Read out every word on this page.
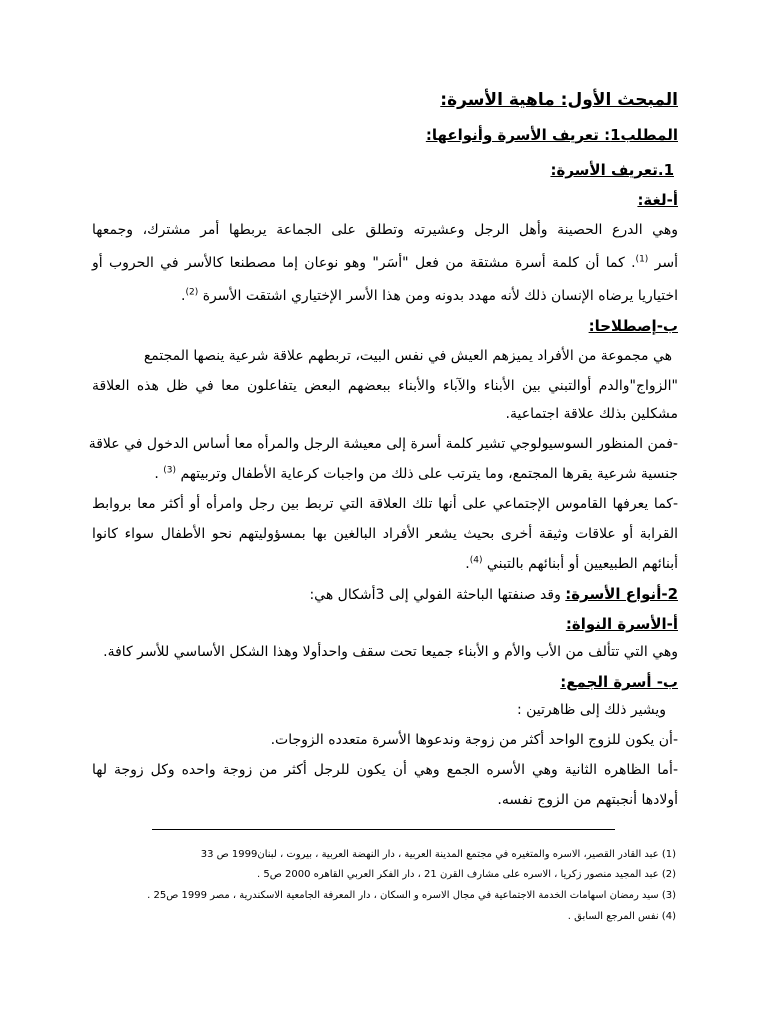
المبحث الأول: ماهية الأسرة:
المطلب1: تعريف الأسرة وأنواعها:
1.تعريف الأسرة:
أ-لغة:
وهي الدرع الحصينة وأهل الرجل وعشيرته وتطلق على الجماعة يربطها أمر مشترك، وجمعها
أسر $^{(1)}$. كما أن كلمة أسرة مشتقة من فعل "أسَر" وهو نوعان إما مصطنعا كالأسر في الحروب أو
اختياريا يرضاه الإنسان ذلك لأنه مهدد بدونه ومن هذا الأسر الإختياري اشتقت الأسرة $^{(2)}$.
ب-إصطلاحا:
هي مجموعة من الأفراد يميزهم العيش في نفس البيت، تربطهم علاقة شرعية ينصها المجتمع
"الزواج"والدم أوالتبني بين الأبناء والآباء والأبناء ببعضهم البعض يتفاعلون معا في ظل هذه العلاقة
مشكلين بذلك علاقة اجتماعية.
-فمن المنظور السوسيولوجي تشير كلمة أسرة إلى معيشة الرجل والمرأه معا أساس الدخول في علاقة
جنسية شرعية يقرها المجتمع، وما يترتب على ذلك من واجبات كرعاية الأطفال وتربيتهم $^{(3)}$ .
-كما يعرفها القاموس الإجتماعي على أنها تلك العلاقة التي تربط بين رجل وامرأه أو أكثر معا بروابط
القرابة أو علاقات وثيقة أخرى بحيث يشعر الأفراد البالغين بها بمسؤوليتهم نحو الأطفال سواء كانوا
أبنائهم الطبيعيين أو أبنائهم بالتبني $^{(4)}$.
2-أنواع الأسرة: وقد صنفتها الباحثة الفولي إلى 3أشكال هي:
أ-الأسرة النواة:
وهي التي تتألف من الأب والأم و الأبناء جميعا تحت سقف واحدأولا وهذا الشكل الأساسي للأسر كافة.
ب- أسرة الجمع:
ويشير ذلك إلى ظاهرتين :
-أن يكون للزوج الواحد أكثر من زوجة وندعوها الأسرة متعدده الزوجات.
-أما الظاهره الثانية وهي الأسره الجمع وهي أن يكون للرجل أكثر من زوجة واحده وكل زوجة لها
أولادها أنجبتهم من الزوج نفسه.
(1) عبد القادر القصير، الاسره والمتغيره في مجتمع المدينة العربية ، دار النهضة العربية ، بيروت ، لبنان1999 ص 33
(2) عبد المجيد منصور زكريا ، الاسره على مشارف القرن 21 ، دار الفكر العربي القاهره 2000 ص5 .
(3) سيد رمضان اسهامات الخدمة الاجتماعية في مجال الاسره و السكان ، دار المعرفة الجامعية الاسكندرية ، مصر 1999 ص25 .
(4) نفس المرجع السابق .
